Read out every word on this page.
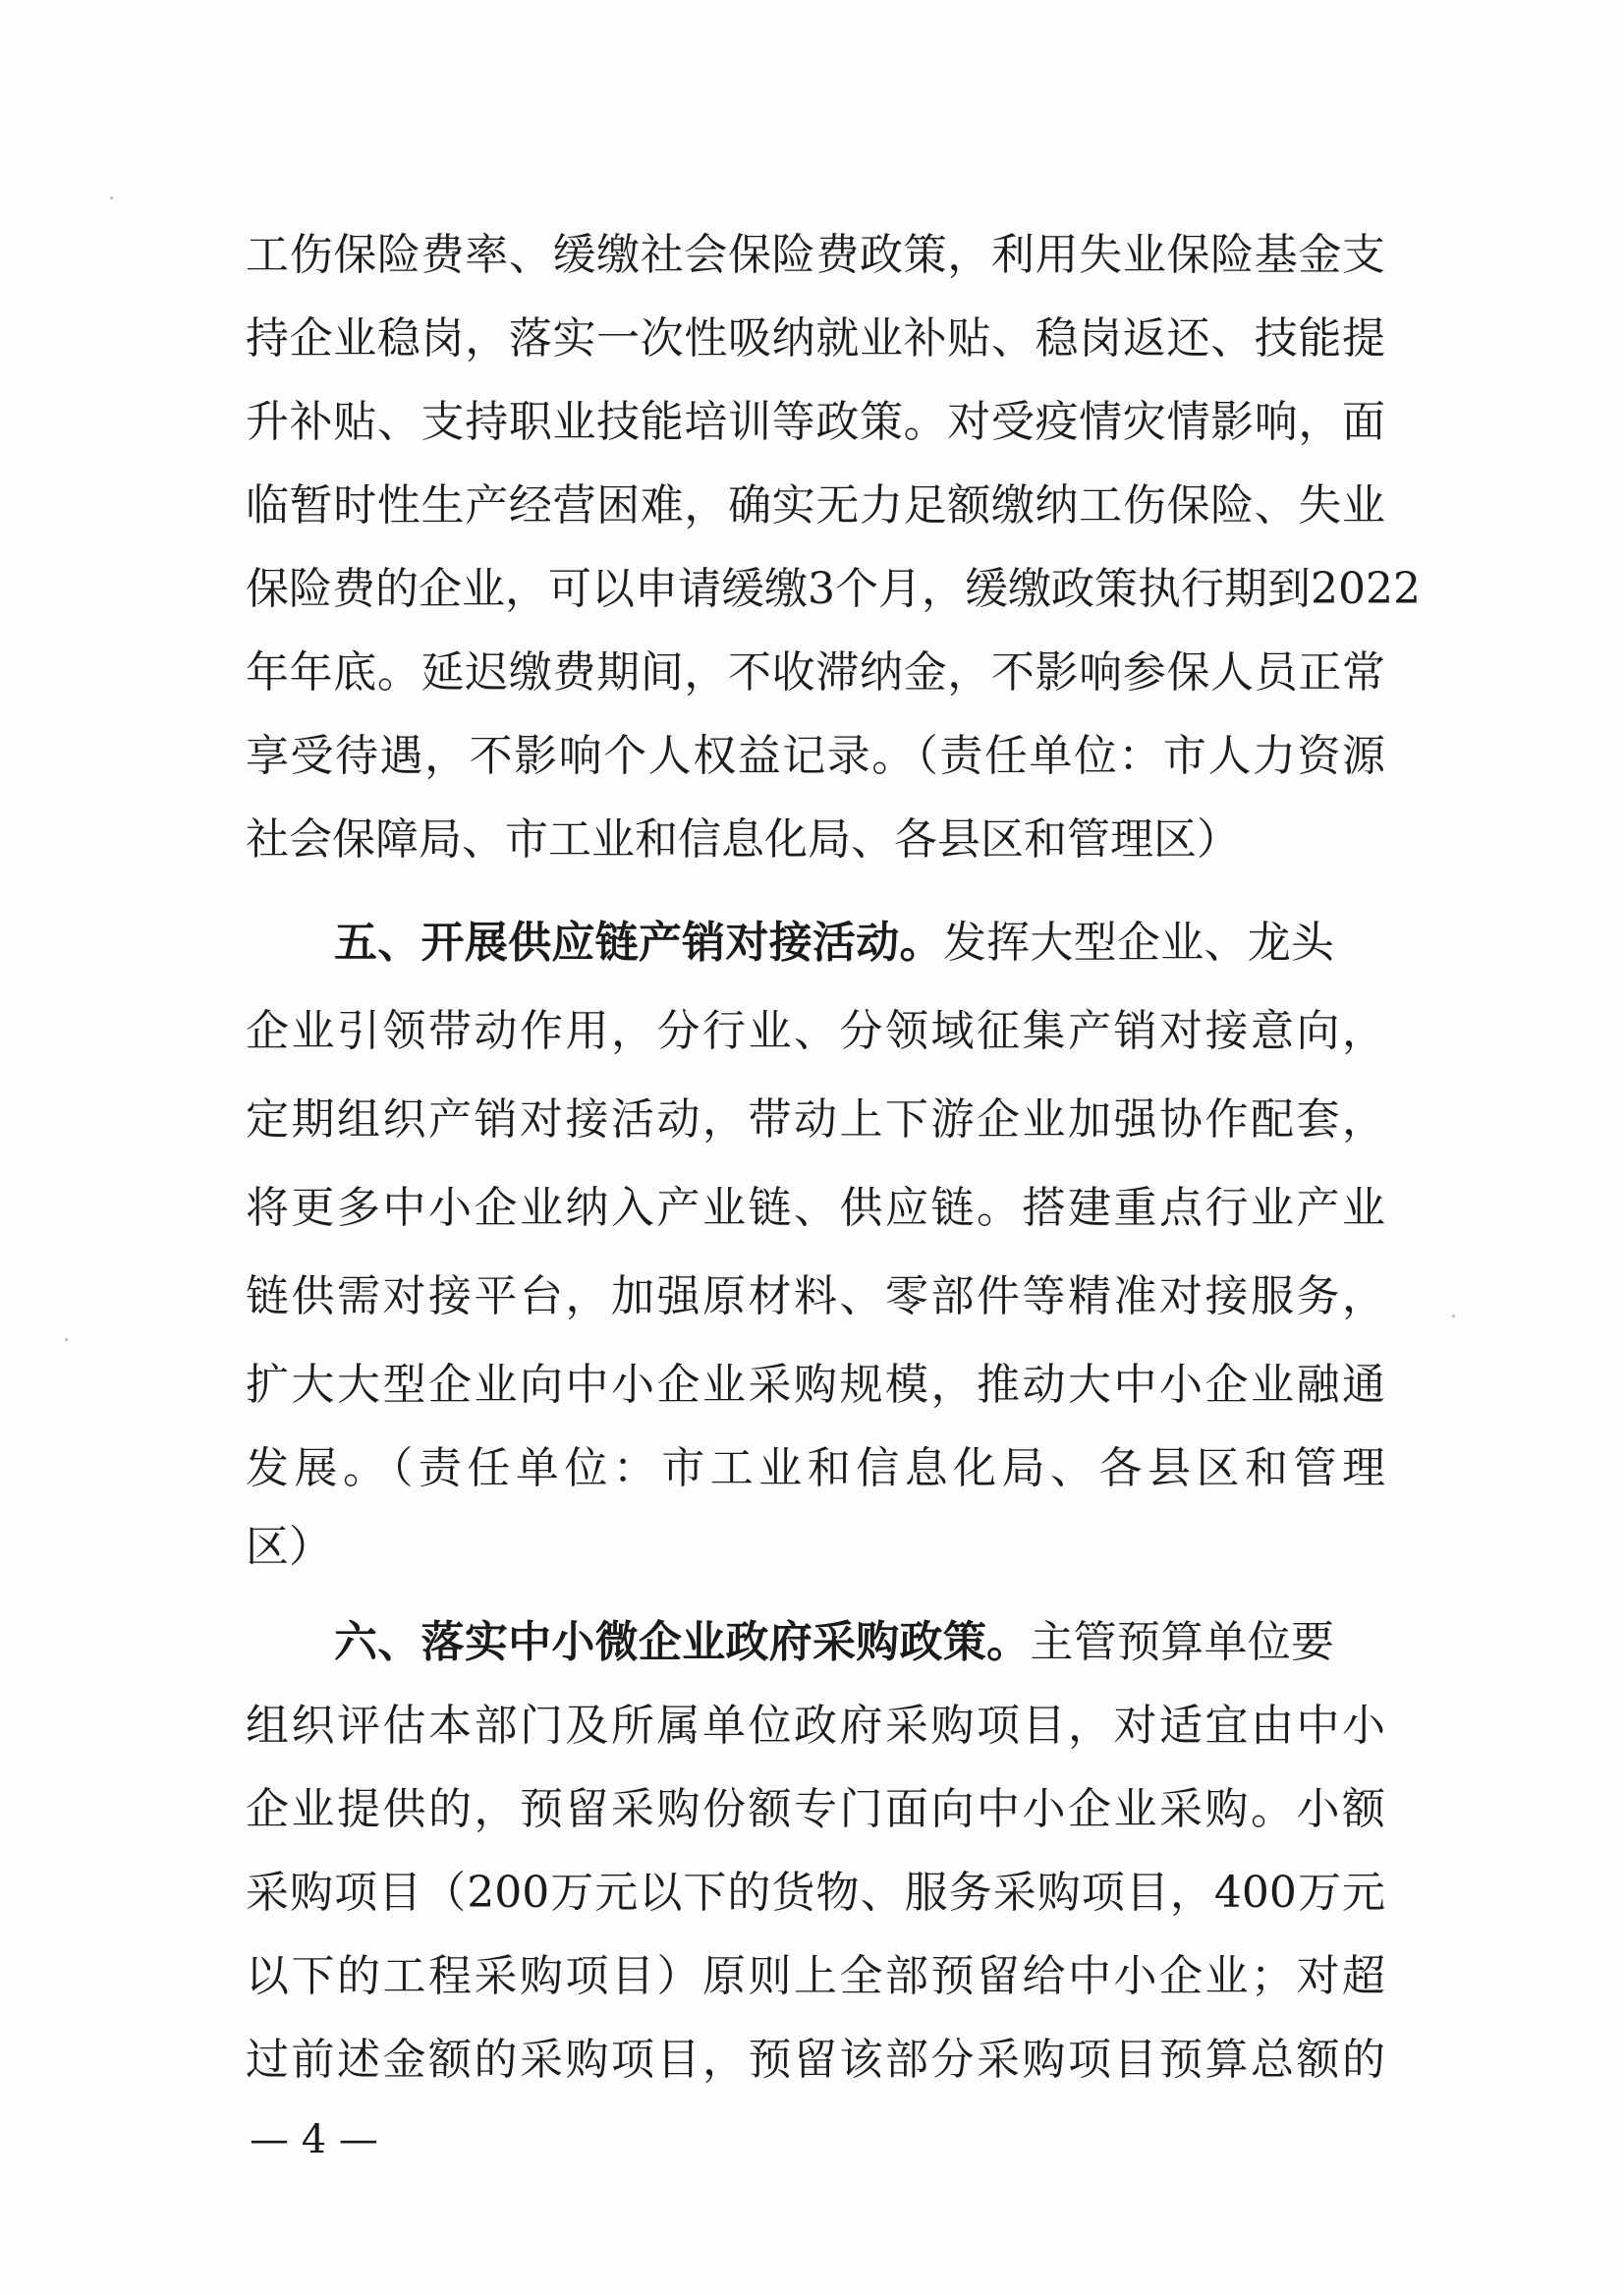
工伤保险费率、缓缴社会保险费政策，利用失业保险基金支
持企业稳岗，落实一次性吸纳就业补贴、稳岗返还、技能提
升补贴、支持职业技能培训等政策。对受疫情灾情影响，面
临暂时性生产经营困难，确实无力足额缴纳工伤保险、失业
保险费的企业，可以申请缓缴3个月，缓缴政策执行期到2022
年年底。延迟缴费期间，不收滞纳金，不影响参保人员正常
享受待遇，不影响个人权益记录。（责任单位：市人力资源
社会保障局、市工业和信息化局、各县区和管理区）
五、开展供应链产销对接活动。发挥大型企业、龙头
企业引领带动作用，分行业、分领域征集产销对接意向，
定期组织产销对接活动，带动上下游企业加强协作配套，
将更多中小企业纳入产业链、供应链。搭建重点行业产业
链供需对接平台，加强原材料、零部件等精准对接服务，
扩大大型企业向中小企业采购规模，推动大中小企业融通
发展。（责任单位：市工业和信息化局、各县区和管理
区）
六、落实中小微企业政府采购政策。主管预算单位要
组织评估本部门及所属单位政府采购项目，对适宜由中小
企业提供的，预留采购份额专门面向中小企业采购。小额
采购项目（200万元以下的货物、服务采购项目，400万元
以下的工程采购项目）原则上全部预留给中小企业；对超
过前述金额的采购项目，预留该部分采购项目预算总额的
— 4 —
